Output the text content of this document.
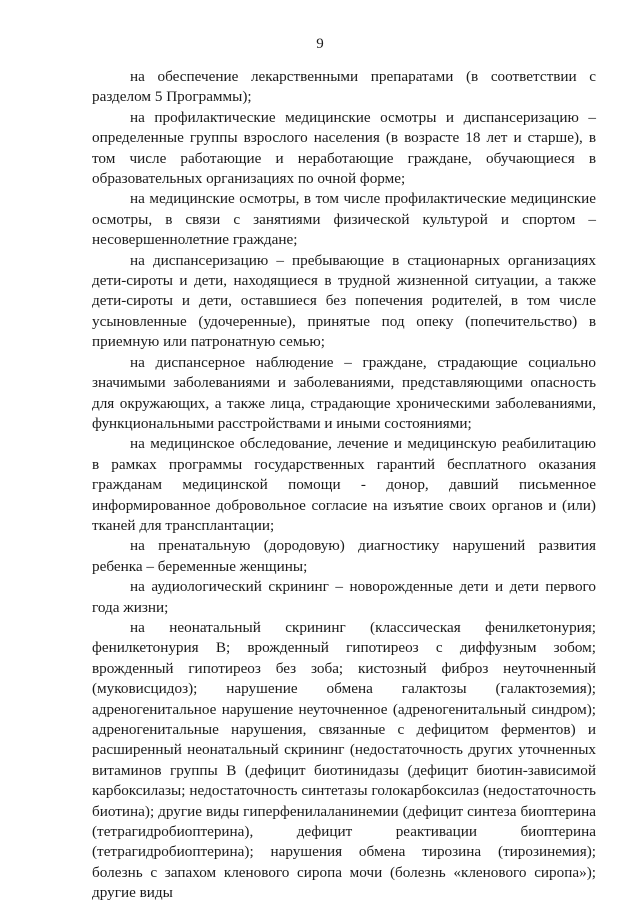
9

на обеспечение лекарственными препаратами (в соответствии с разделом 5 Программы);

на профилактические медицинские осмотры и диспансеризацию – определенные группы взрослого населения (в возрасте 18 лет и старше), в том числе работающие и неработающие граждане, обучающиеся в образовательных организациях по очной форме;

на медицинские осмотры, в том числе профилактические медицинские осмотры, в связи с занятиями физической культурой и спортом – несовершеннолетние граждане;

на диспансеризацию – пребывающие в стационарных организациях дети-сироты и дети, находящиеся в трудной жизненной ситуации, а также дети-сироты и дети, оставшиеся без попечения родителей, в том числе усыновленные (удочеренные), принятые под опеку (попечительство) в приемную или патронатную семью;

на диспансерное наблюдение – граждане, страдающие социально значимыми заболеваниями и заболеваниями, представляющими опасность для окружающих, а также лица, страдающие хроническими заболеваниями, функциональными расстройствами и иными состояниями;

на медицинское обследование, лечение и медицинскую реабилитацию в рамках программы государственных гарантий бесплатного оказания гражданам медицинской помощи - донор, давший письменное информированное добровольное согласие на изъятие своих органов и (или) тканей для трансплантации;

на пренатальную (дородовую) диагностику нарушений развития ребенка – беременные женщины;

на аудиологический скрининг – новорожденные дети и дети первого года жизни;

на неонатальный скрининг (классическая фенилкетонурия; фенилкетонурия B; врожденный гипотиреоз с диффузным зобом; врожденный гипотиреоз без зоба; кистозный фиброз неуточненный (муковисцидоз); нарушение обмена галактозы (галактоземия); адреногенитальное нарушение неуточненное (адреногенитальный синдром); адреногенитальные нарушения, связанные с дефицитом ферментов) и расширенный неонатальный скрининг (недостаточность других уточненных витаминов группы B (дефицит биотинидазы (дефицит биотин-зависимой карбоксилазы; недостаточность синтетазы голокарбоксилаз (недостаточность биотина); другие виды гиперфенилаланинемии (дефицит синтеза биоптерина (тетрагидробиоптерина), дефицит реактивации биоптерина (тетрагидробиоптерина); нарушения обмена тирозина (тирозинемия); болезнь с запахом кленового сиропа мочи (болезнь «кленового сиропа»); другие виды
